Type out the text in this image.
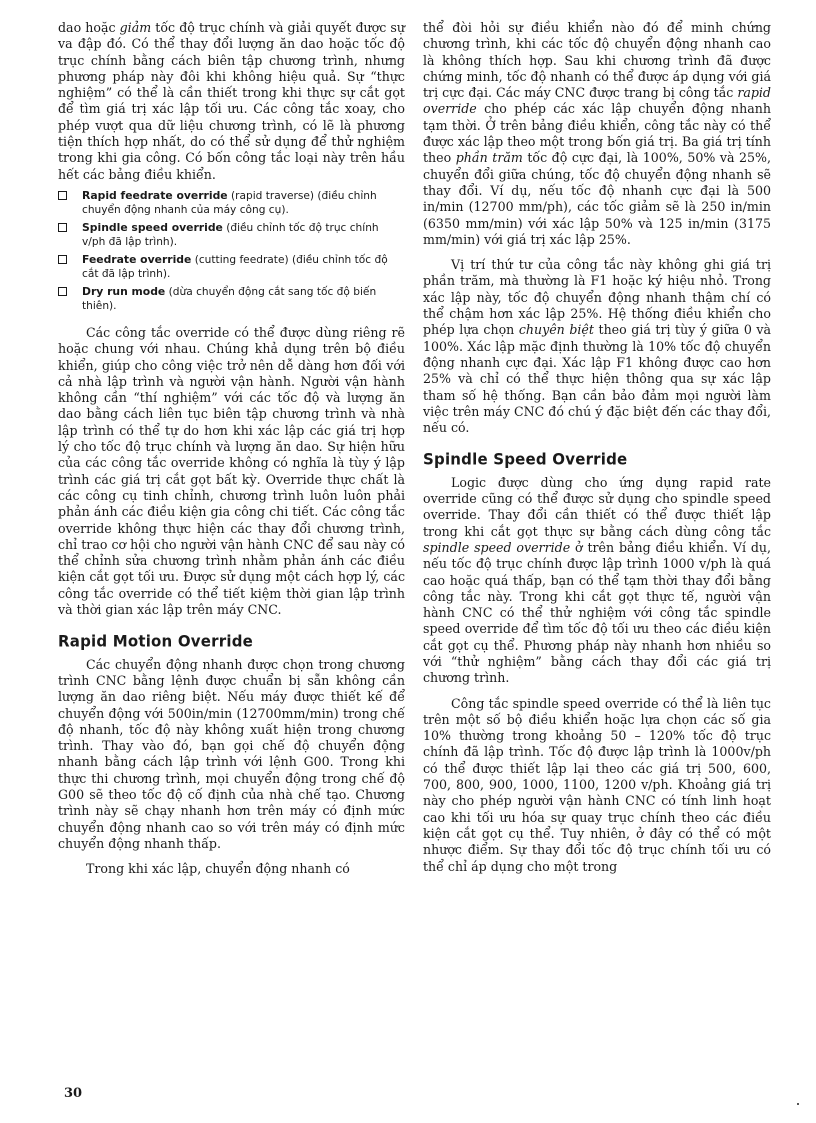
dao hoặc giảm tốc độ trục chính và giải quyết được sự va đập đó. Có thể thay đổi lượng ăn dao hoặc tốc độ trục chính bằng cách biên tập chương trình, nhưng phương pháp này đôi khi không hiệu quả. Sự “thực nghiệm” có thể là cần thiết trong khi thực sự cắt gọt để tìm giá trị xác lập tối ưu. Các công tắc xoay, cho phép vượt qua dữ liệu chương trình, có lẽ là phương tiện thích hợp nhất, do có thể sử dụng để thử nghiệm trong khi gia công. Có bốn công tắc loại này trên hầu hết các bảng điều khiển.

Rapid feedrate override (rapid traverse) (điều chỉnh chuyển động nhanh của máy công cụ).
Spindle speed override (điều chỉnh tốc độ trục chính v/ph đã lập trình).
Feedrate override (cutting feedrate) (điều chỉnh tốc độ cắt đã lập trình).
Dry run mode (dừa chuyển động cắt sang tốc độ biến thiên).

Các công tắc override có thể được dùng riêng rẽ hoặc chung với nhau. Chúng khả dụng trên bộ điều khiển, giúp cho công việc trở nên dễ dàng hơn đối với cả nhà lập trình và người vận hành. Người vận hành không cần “thí nghiệm” với các tốc độ và lượng ăn dao bằng cách liên tục biên tập chương trình và nhà lập trình có thể tự do hơn khi xác lập các giá trị hợp lý cho tốc độ trục chính và lượng ăn dao. Sự hiện hữu của các công tắc override không có nghĩa là tùy ý lập trình các giá trị cắt gọt bất kỳ. Override thực chất là các công cụ tinh chỉnh, chương trình luôn luôn phải phản ánh các điều kiện gia công chi tiết. Các công tắc override không thực hiện các thay đổi chương trình, chỉ trao cơ hội cho người vận hành CNC để sau này có thể chỉnh sửa chương trình nhằm phản ánh các điều kiện cắt gọt tối ưu. Được sử dụng một cách hợp lý, các công tắc override có thể tiết kiệm thời gian lập trình và thời gian xác lập trên máy CNC.

Rapid Motion Override

Các chuyển động nhanh được chọn trong chương trình CNC bằng lệnh được chuẩn bị sẵn không cần lượng ăn dao riêng biệt. Nếu máy được thiết kế để chuyển động với 500in/min (12700mm/min) trong chế độ nhanh, tốc độ này không xuất hiện trong chương trình. Thay vào đó, bạn gọi chế độ chuyển động nhanh bằng cách lập trình với lệnh G00. Trong khi thực thi chương trình, mọi chuyển động trong chế độ G00 sẽ theo tốc độ cố định của nhà chế tạo. Chương trình này sẽ chạy nhanh hơn trên máy có định mức chuyển động nhanh cao so với trên máy có định mức chuyển động nhanh thấp.

Trong khi xác lập, chuyển động nhanh có

thể đòi hỏi sự điều khiển nào đó để minh chứng chương trình, khi các tốc độ chuyển động nhanh cao là không thích hợp. Sau khi chương trình đã được chứng minh, tốc độ nhanh có thể được áp dụng với giá trị cực đại. Các máy CNC được trang bị công tắc rapid override cho phép các xác lập chuyển động nhanh tạm thời. Ở trên bảng điều khiển, công tắc này có thể được xác lập theo một trong bốn giá trị. Ba giá trị tính theo phần trăm tốc độ cực đại, là 100%, 50% và 25%, chuyển đổi giữa chúng, tốc độ chuyển động nhanh sẽ thay đổi. Ví dụ, nếu tốc độ nhanh cực đại là 500 in/min (12700 mm/ph), các tốc giảm sẽ là 250 in/min (6350 mm/min) với xác lập 50% và 125 in/min (3175 mm/min) với giá trị xác lập 25%.

Vị trí thứ tư của công tắc này không ghi giá trị phần trăm, mà thường là F1 hoặc ký hiệu nhỏ. Trong xác lập này, tốc độ chuyển động nhanh thậm chí có thể chậm hơn xác lập 25%. Hệ thống điều khiển cho phép lựa chọn chuyên biệt theo giá trị tùy ý giữa 0 và 100%. Xác lập mặc định thường là 10% tốc độ chuyển động nhanh cực đại. Xác lập F1 không được cao hơn 25% và chỉ có thể thực hiện thông qua sự xác lập tham số hệ thống. Bạn cần bảo đảm mọi người làm việc trên máy CNC đó chú ý đặc biệt đến các thay đổi, nếu có.

Spindle Speed Override

Logic được dùng cho ứng dụng rapid rate override cũng có thể được sử dụng cho spindle speed override. Thay đổi cần thiết có thể được thiết lập trong khi cắt gọt thực sự bằng cách dùng công tắc spindle speed override ở trên bảng điều khiển. Ví dụ, nếu tốc độ trục chính được lập trình 1000 v/ph là quá cao hoặc quá thấp, bạn có thể tạm thời thay đổi bằng công tắc này. Trong khi cắt gọt thực tế, người vận hành CNC có thể thử nghiệm với công tắc spindle speed override để tìm tốc độ tối ưu theo các điều kiện cắt gọt cụ thể. Phương pháp này nhanh hơn nhiều so với “thử nghiệm” bằng cách thay đổi các giá trị chương trình.

Công tắc spindle speed override có thể là liên tục trên một số bộ điều khiển hoặc lựa chọn các số gia 10% thường trong khoảng 50 – 120% tốc độ trục chính đã lập trình. Tốc độ được lập trình là 1000v/ph có thể được thiết lập lại theo các giá trị 500, 600, 700, 800, 900, 1000, 1100, 1200 v/ph. Khoảng giá trị này cho phép người vận hành CNC có tính linh hoạt cao khi tối ưu hóa sự quay trục chính theo các điều kiện cắt gọt cụ thể. Tuy nhiên, ở đây có thể có một nhược điểm. Sự thay đổi tốc độ trục chính tối ưu có thể chỉ áp dụng cho một trong

30
